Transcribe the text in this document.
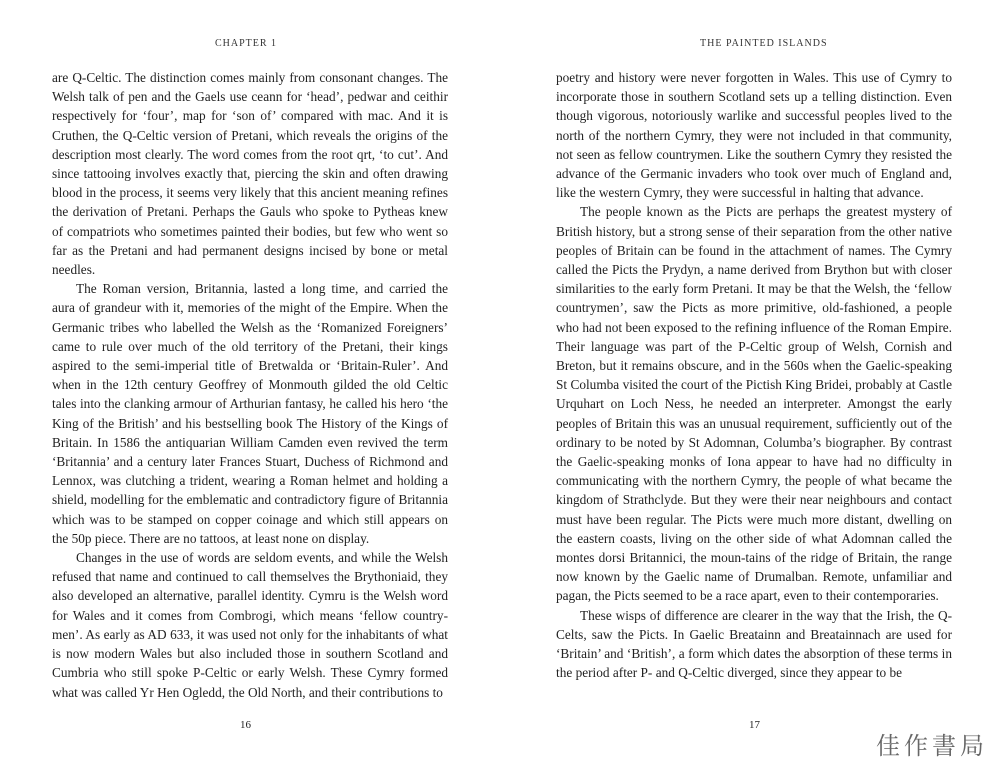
CHAPTER 1

are Q-Celtic. The distinction comes mainly from consonant changes. The Welsh talk of pen and the Gaels use ceann for ‘head’, pedwar and ceithir respectively for ‘four’, map for ‘son of’ compared with mac. And it is Cruthen, the Q-Celtic version of Pretani, which reveals the origins of the description most clearly. The word comes from the root qrt, ‘to cut’. And since tattooing involves exactly that, piercing the skin and often drawing blood in the process, it seems very likely that this ancient meaning refines the derivation of Pretani. Perhaps the Gauls who spoke to Pytheas knew of compatriots who sometimes painted their bodies, but few who went so far as the Pretani and had permanent designs incised by bone or metal needles.

The Roman version, Britannia, lasted a long time, and carried the aura of grandeur with it, memories of the might of the Empire. When the Germanic tribes who labelled the Welsh as the ‘Romanized Foreigners’ came to rule over much of the old territory of the Pretani, their kings aspired to the semi-imperial title of Bretwalda or ‘Britain-Ruler’. And when in the 12th century Geoffrey of Monmouth gilded the old Celtic tales into the clanking armour of Arthurian fantasy, he called his hero ‘the King of the British’ and his bestselling book The History of the Kings of Britain. In 1586 the antiquarian William Camden even revived the term ‘Britannia’ and a century later Frances Stuart, Duchess of Richmond and Lennox, was clutching a trident, wearing a Roman helmet and holding a shield, modelling for the emblematic and contradictory figure of Britannia which was to be stamped on copper coinage and which still appears on the 50p piece. There are no tattoos, at least none on display.

Changes in the use of words are seldom events, and while the Welsh refused that name and continued to call themselves the Brythoniaid, they also developed an alternative, parallel identity. Cymru is the Welsh word for Wales and it comes from Combrogi, which means ‘fellow country-men’. As early as AD 633, it was used not only for the inhabitants of what is now modern Wales but also included those in southern Scotland and Cumbria who still spoke P-Celtic or early Welsh. These Cymry formed what was called Yr Hen Ogledd, the Old North, and their contributions to

16
THE PAINTED ISLANDS

poetry and history were never forgotten in Wales. This use of Cymry to incorporate those in southern Scotland sets up a telling distinction. Even though vigorous, notoriously warlike and successful peoples lived to the north of the northern Cymry, they were not included in that community, not seen as fellow countrymen. Like the southern Cymry they resisted the advance of the Germanic invaders who took over much of England and, like the western Cymry, they were successful in halting that advance.

The people known as the Picts are perhaps the greatest mystery of British history, but a strong sense of their separation from the other native peoples of Britain can be found in the attachment of names. The Cymry called the Picts the Prydyn, a name derived from Brython but with closer similarities to the early form Pretani. It may be that the Welsh, the ‘fellow countrymen’, saw the Picts as more primitive, old-fashioned, a people who had not been exposed to the refining influence of the Roman Empire. Their language was part of the P-Celtic group of Welsh, Cornish and Breton, but it remains obscure, and in the 560s when the Gaelic-speaking St Columba visited the court of the Pictish King Bridei, probably at Castle Urquhart on Loch Ness, he needed an interpreter. Amongst the early peoples of Britain this was an unusual requirement, sufficiently out of the ordinary to be noted by St Adomnan, Columba’s biographer. By contrast the Gaelic-speaking monks of Iona appear to have had no difficulty in communicating with the northern Cymry, the people of what became the kingdom of Strathclyde. But they were their near neighbours and contact must have been regular. The Picts were much more distant, dwelling on the eastern coasts, living on the other side of what Adomnan called the montes dorsi Britannici, the moun-tains of the ridge of Britain, the range now known by the Gaelic name of Drumalban. Remote, unfamiliar and pagan, the Picts seemed to be a race apart, even to their contemporaries.

These wisps of difference are clearer in the way that the Irish, the Q-Celts, saw the Picts. In Gaelic Breatainn and Breatainnach are used for ‘Britain’ and ‘British’, a form which dates the absorption of these terms in the period after P- and Q-Celtic diverged, since they appear to be

17
佳作書局
